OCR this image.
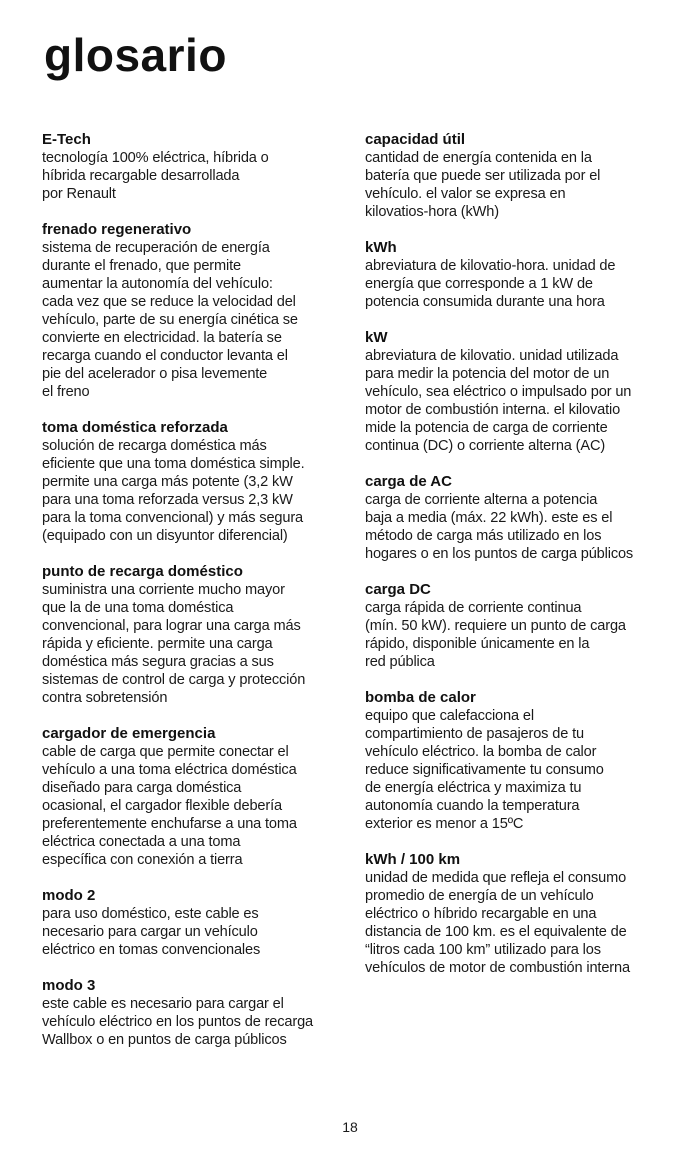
glosario

E-Tech

tecnología 100% eléctrica, híbrida o
híbrida recargable desarrollada
por Renault

frenado regenerativo

sistema de recuperación de energía
durante el frenado, que permite
aumentar la autonomía del vehículo:
cada vez que se reduce la velocidad del
vehículo, parte de su energía cinética se
convierte en electricidad. la batería se
recarga cuando el conductor levanta el
pie del acelerador o pisa levemente
el freno

toma doméstica reforzada

solución de recarga doméstica más
eficiente que una toma doméstica simple.
permite una carga más potente (3,2 kW
para una toma reforzada versus 2,3 kW
para la toma convencional) y más segura
(equipado con un disyuntor diferencial)

punto de recarga doméstico

suministra una corriente mucho mayor
que la de una toma doméstica
convencional, para lograr una carga más
rápida y eficiente. permite una carga
doméstica más segura gracias a sus
sistemas de control de carga y protección
contra sobretensión

cargador de emergencia

cable de carga que permite conectar el
vehículo a una toma eléctrica doméstica
diseñado para carga doméstica
ocasional, el cargador flexible debería
preferentemente enchufarse a una toma
eléctrica conectada a una toma
específica con conexión a tierra

modo 2

para uso doméstico, este cable es
necesario para cargar un vehículo
eléctrico en tomas convencionales

modo 3

este cable es necesario para cargar el
vehículo eléctrico en los puntos de recarga
Wallbox o en puntos de carga públicos

capacidad útil

cantidad de energía contenida en la
batería que puede ser utilizada por el
vehículo. el valor se expresa en
kilovatios-hora (kWh)

kWh

abreviatura de kilovatio-hora. unidad de
energía que corresponde a 1 kW de
potencia consumida durante una hora

kW

abreviatura de kilovatio. unidad utilizada
para medir la potencia del motor de un
vehículo, sea eléctrico o impulsado por un
motor de combustión interna. el kilovatio
mide la potencia de carga de corriente
continua (DC) o corriente alterna (AC)

carga de AC

carga de corriente alterna a potencia
baja a media (máx. 22 kWh). este es el
método de carga más utilizado en los
hogares o en los puntos de carga públicos

carga DC

carga rápida de corriente continua
(mín. 50 kW). requiere un punto de carga
rápido, disponible únicamente en la
red pública

bomba de calor

equipo que calefacciona el
compartimiento de pasajeros de tu
vehículo eléctrico. la bomba de calor
reduce significativamente tu consumo
de energía eléctrica y maximiza tu
autonomía cuando la temperatura
exterior es menor a 15ºC

kWh / 100 km

unidad de medida que refleja el consumo
promedio de energía de un vehículo
eléctrico o híbrido recargable en una
distancia de 100 km. es el equivalente de
“litros cada 100 km” utilizado para los
vehículos de motor de combustión interna

18
